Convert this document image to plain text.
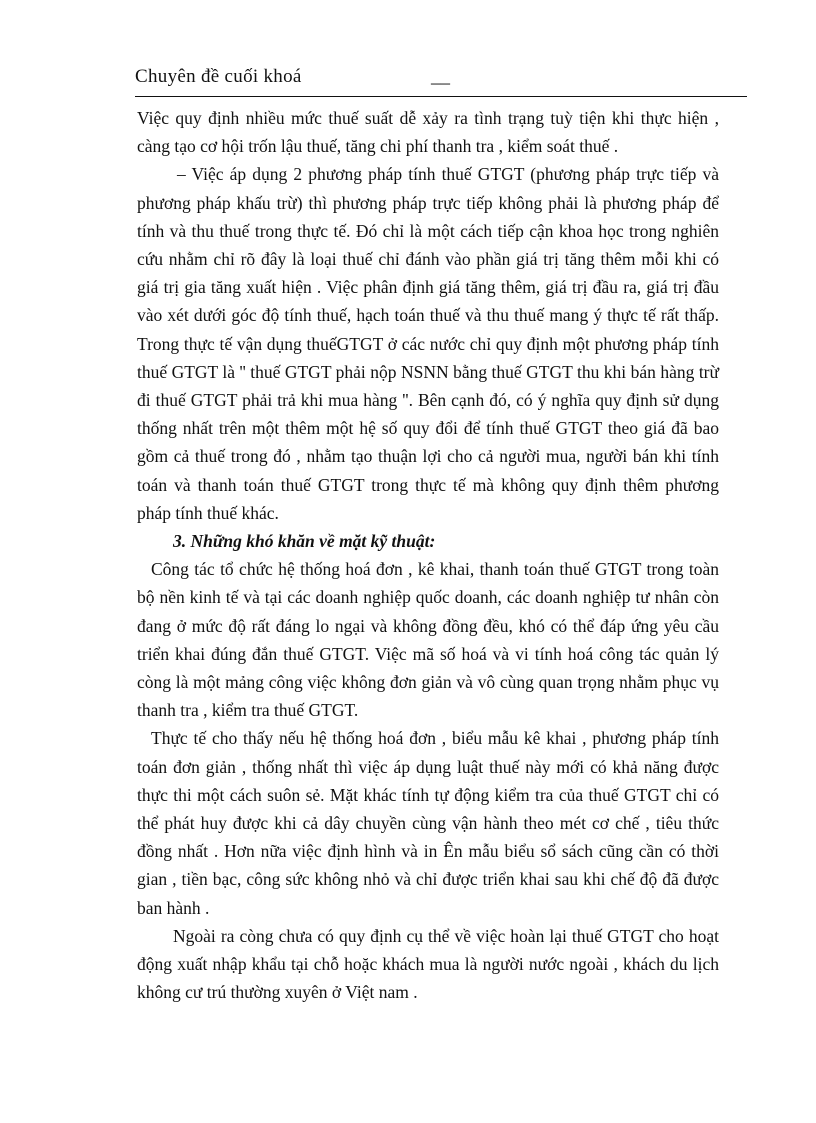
Chuyên đề cuối khoá	__

Việc quy định nhiều mức thuế suất dễ xảy ra tình trạng tuỳ tiện khi thực hiện , càng tạo cơ hội trốn lậu thuế, tăng chi phí thanh tra , kiểm soát thuế .

– Việc áp dụng 2 phương pháp tính thuế GTGT (phương pháp trực tiếp và phương pháp khấu trừ) thì phương pháp trực tiếp không phải là phương pháp để tính và thu thuế trong thực tế. Đó chỉ là một cách tiếp cận khoa học trong nghiên cứu nhằm chỉ rõ đây là loại thuế chỉ đánh vào phần giá trị tăng thêm mỗi khi có giá trị gia tăng xuất hiện . Việc phân định giá tăng thêm, giá trị đầu ra, giá trị đầu vào xét dưới góc độ tính thuế, hạch toán thuế và thu thuế mang ý thực tế rất thấp. Trong thực tế vận dụng thuếGTGT ở các nước chỉ quy định một phương pháp tính thuế GTGT là '' thuế GTGT phải nộp NSNN bằng thuế GTGT thu khi bán hàng trừ đi thuế GTGT phải trả khi mua hàng ''. Bên cạnh đó, có ý nghĩa quy định sử dụng thống nhất trên một thêm một hệ số quy đổi để tính thuế GTGT theo giá đã bao gồm cả thuế trong đó , nhằm tạo thuận lợi cho cả người mua, người bán khi tính toán và thanh toán thuế GTGT trong thực tế mà không quy định thêm phương pháp tính thuế khác.

3. Những khó khăn về mặt kỹ thuật:

Công tác tổ chức hệ thống hoá đơn , kê khai, thanh toán thuế GTGT trong toàn bộ nền kinh tế và tại các doanh nghiệp quốc doanh, các doanh nghiệp tư nhân còn đang ở mức độ rất đáng lo ngại và không đồng đều, khó có thể đáp ứng yêu cầu triển khai đúng đắn thuế GTGT. Việc mã số hoá và vi tính hoá công tác quản lý còng là một mảng công việc không đơn giản và vô cùng quan trọng nhằm phục vụ thanh tra , kiểm tra thuế GTGT.

Thực tế cho thấy nếu hệ thống hoá đơn , biểu mẫu kê khai , phương pháp tính toán đơn giản , thống nhất thì việc áp dụng luật thuế này mới có khả năng được thực thi một cách suôn sẻ. Mặt khác tính tự động kiểm tra của thuế GTGT chỉ có thể phát huy được khi cả dây chuyền cùng vận hành theo mét cơ chế , tiêu thức đồng nhất . Hơn nữa việc định hình và in Ên mẫu biểu sổ sách cũng cần có thời gian , tiền bạc, công sức không nhỏ và chỉ được triển khai sau khi chế độ đã được ban hành .

Ngoài ra còng chưa có quy định cụ thể về việc hoàn lại thuế GTGT cho hoạt động xuất nhập khẩu tại chỗ hoặc khách mua là người nước ngoài , khách du lịch không cư trú thường xuyên ở Việt nam .
